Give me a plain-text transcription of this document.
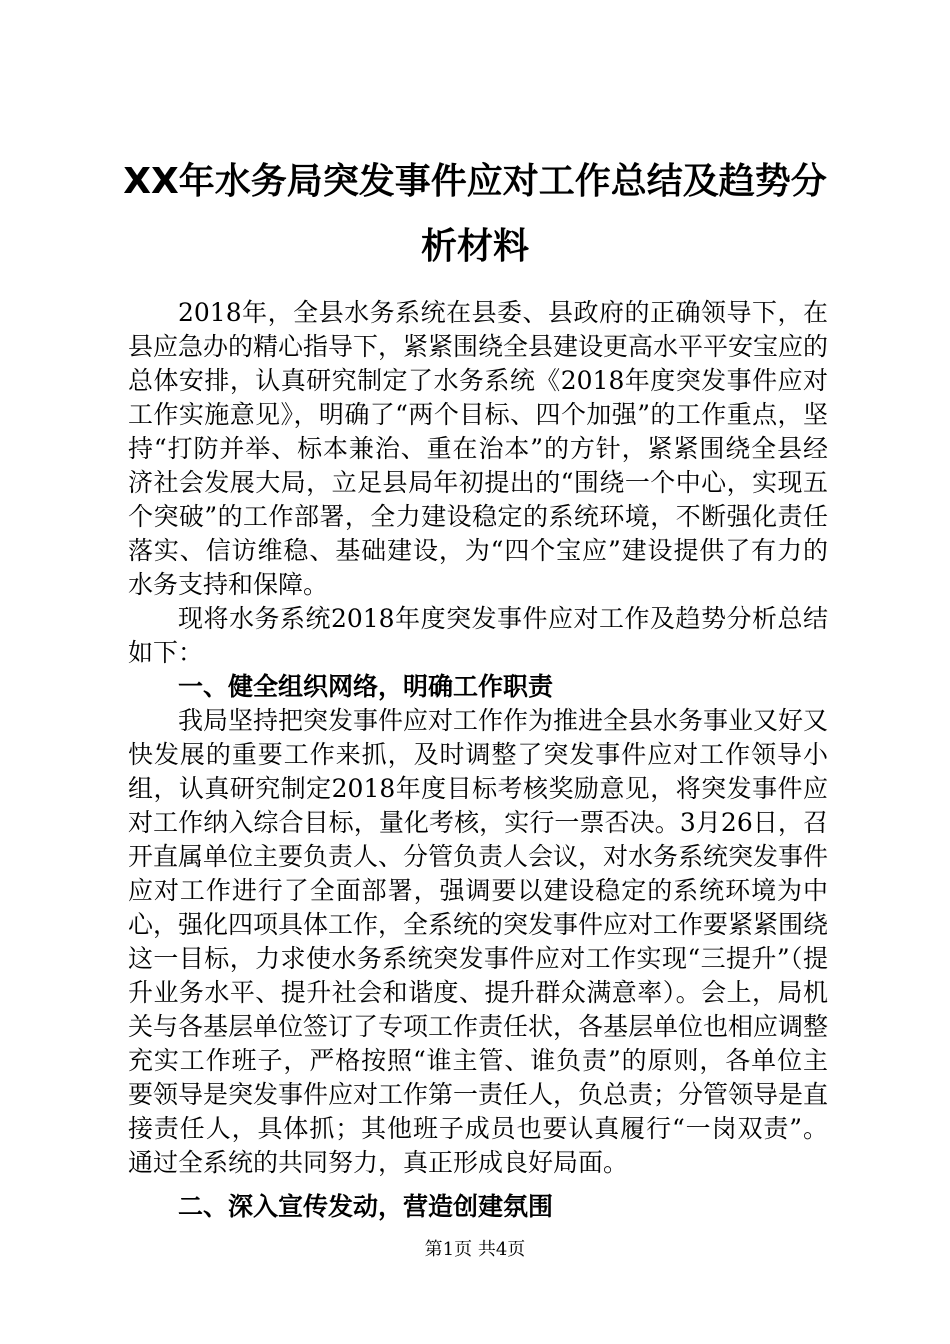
XX年水务局突发事件应对工作总结及趋势分
析材料

2018年，全县水务系统在县委、县政府的正确领导下，在县应急办的精心指导下，紧紧围绕全县建设更高水平平安宝应的总体安排，认真研究制定了水务系统《2018年度突发事件应对工作实施意见》，明确了“两个目标、四个加强”的工作重点，坚持“打防并举、标本兼治、重在治本”的方针，紧紧围绕全县经济社会发展大局，立足县局年初提出的“围绕一个中心，实现五个突破”的工作部署，全力建设稳定的系统环境，不断强化责任落实、信访维稳、基础建设，为“四个宝应”建设提供了有力的水务支持和保障。

现将水务系统2018年度突发事件应对工作及趋势分析总结如下：

一、健全组织网络，明确工作职责

我局坚持把突发事件应对工作作为推进全县水务事业又好又快发展的重要工作来抓，及时调整了突发事件应对工作领导小组，认真研究制定2018年度目标考核奖励意见，将突发事件应对工作纳入综合目标，量化考核，实行一票否决。3月26日，召开直属单位主要负责人、分管负责人会议，对水务系统突发事件应对工作进行了全面部署，强调要以建设稳定的系统环境为中心，强化四项具体工作，全系统的突发事件应对工作要紧紧围绕这一目标，力求使水务系统突发事件应对工作实现“三提升”（提升业务水平、提升社会和谐度、提升群众满意率）。会上，局机关与各基层单位签订了专项工作责任状，各基层单位也相应调整充实工作班子，严格按照“谁主管、谁负责”的原则，各单位主要领导是突发事件应对工作第一责任人，负总责；分管领导是直接责任人，具体抓；其他班子成员也要认真履行“一岗双责”。通过全系统的共同努力，真正形成良好局面。

二、深入宣传发动，营造创建氛围

第1页 共4页
